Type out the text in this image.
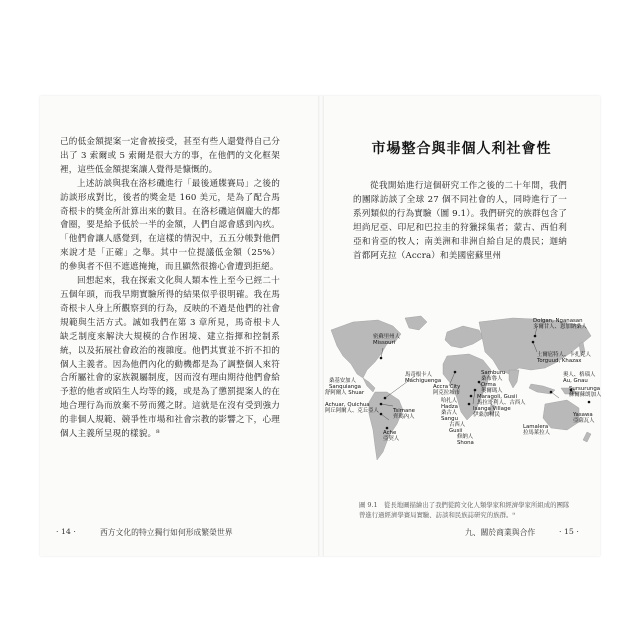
己的低金額提案一定會被接受，甚至有些人還覺得自己分出了 3 索爾或 5 索爾是很大方的事，在他們的文化框架裡，這些低金額提案讓人覺得是慷慨的。

上述訪談與我在洛杉磯進行「最後通牒賽局」之後的訪談形成對比，後者的獎金是 160 美元，是為了配合馬奇根卡的獎金所計算出來的數目。在洛杉磯這個龐大的都會圈，要是給予低於一半的金額，人們自認會感到內疚。「他們會讓人感覺到，在這樣的情況中，五五分帳對他們來說才是「正確」之舉。其中一位提議低金額（25%）的參與者不但不遮遮掩掩，而且顯然很擔心會遭到拒絕。

回想起來，我在探索文化與人類本性上至今已經二十五個年頭，而我早期實驗所得的結果似乎很明確。我在馬奇根卡人身上所觀察到的行為，反映的不過是他們的社會規範與生活方式。誠如我們在第 3 章所見，馬奇根卡人缺乏制度來解決大規模的合作困境、建立指揮和控制系統，以及拓展社會政治的複雜度。他們其實並不折不扣的個人主義者。因為他們內化的動機都是為了調整個人來符合所屬社會的家族親屬制度，因而沒有理由期待他們會給予惹的他者或陌生人均等的錢，或是為了懲罰提案人的在地合理行為而放棄不勞而獲之財。這就是在沒有受到強力的非個人規範、競爭性市場和社會宗教的影響之下，心理個人主義所呈現的樣貌。⁸

· 14 ·	西方文化的特立獨行如何形成繁榮世界
市場整合與非個人利社會性

從我開始進行這個研究工作之後的二十年間，我們的團隊訪談了全球 27 個不同社會的人，同時進行了一系列類似的行為實驗（圖 9.1）。我們研究的族群包含了坦尚尼亞、印尼和巴拉圭的狩獵採集者；蒙古、西伯利亞和肯亞的牧人；南美洲和非洲自給自足的農民；迦納首都阿克拉（Accra）和美國密蘇里州

Dolgan, Nganasan
多爾甘人、恩加納桑人
土爾扈特人、卡扎克人
Torguud, Khazax
密蘇里州人
Missouri
馬奇根卡人
Machiguenga
Accra City
阿克拉城市
舒阿爾人 Shuar
Achuar, Quichua
阿丘阿爾人、克丘亞人
桑基安加人
Sanquianga
Tsimane
齊瑪內人
Ache
亞契人
哈扎人
Hadza
Samburu
桑布魯人
Orma
奧爾瑪人
Maragoli, Gusii
馬拉哥利人、古西人
Isanga Village
伊桑加村民
桑古人
Sangu
古西人
Gusii
修納人
Shona
Lamalera
拉馬萊拉人
奧人、格瑙人
Au, Gnau
Sursurunga
蘇爾蘇朗加人
Yasawa
亞薩瓦人
圖 9.1　從長地圖描繪出了我們從跨文化人類學家和經濟學家所組成的團隊曾進行過經濟學賽局實驗、訪談和民族誌研究的族群。⁹
九、關於商業與合作	· 15 ·
